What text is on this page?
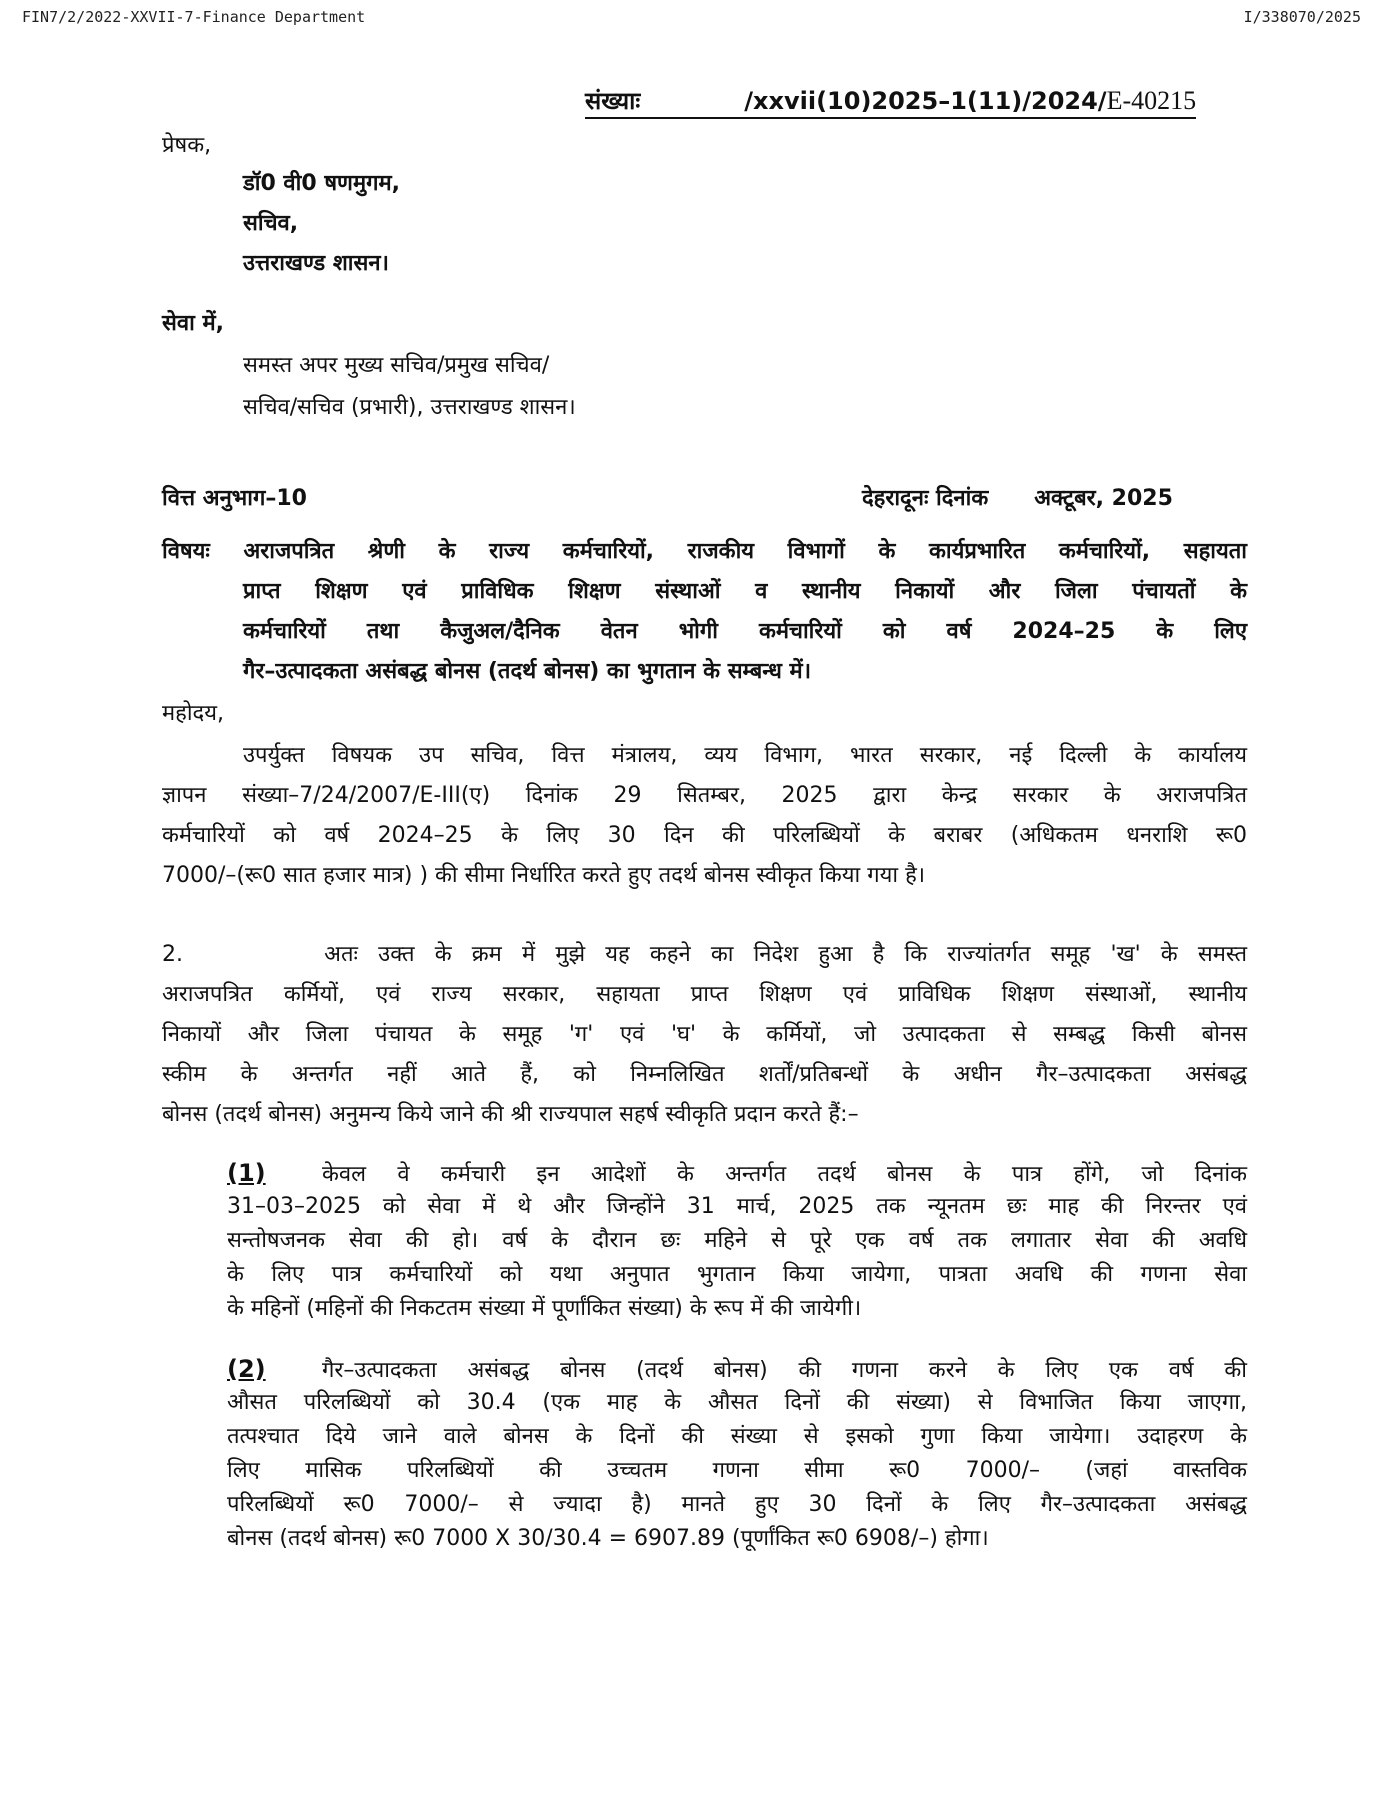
FIN7/2/2022-XXVII-7-Finance Department	I/338070/2025
संख्याः	/xxvii(10)2025–1(11)/2024/E-40215
प्रेषक,
डॉ0 वी0 षणमुगम,
सचिव,
उत्तराखण्ड शासन।
सेवा में,
समस्त अपर मुख्य सचिव/प्रमुख सचिव/
सचिव/सचिव (प्रभारी), उत्तराखण्ड शासन।
वित्त अनुभाग–10	देहरादूनः दिनांक      अक्टूबर, 2025
विषयः अराजपत्रित श्रेणी के राज्य कर्मचारियों, राजकीय विभागों के कार्यप्रभारित कर्मचारियों, सहायता
प्राप्त शिक्षण एवं प्राविधिक शिक्षण संस्थाओं व स्थानीय निकायों और जिला पंचायतों के
कर्मचारियों तथा कैजुअल/दैनिक वेतन भोगी कर्मचारियों को वर्ष 2024–25 के लिए
गैर–उत्पादकता असंबद्ध बोनस (तदर्थ बोनस) का भुगतान के सम्बन्ध में।
महोदय,
उपर्युक्त विषयक उप सचिव, वित्त मंत्रालय, व्यय विभाग, भारत सरकार, नई दिल्ली के कार्यालय
ज्ञापन संख्या–7/24/2007/E-III(ए) दिनांक 29 सितम्बर, 2025 द्वारा केन्द्र सरकार के अराजपत्रित
कर्मचारियों को वर्ष 2024–25 के लिए 30 दिन की परिलब्धियों के बराबर (अधिकतम धनराशि रू0
7000/–(रू0 सात हजार मात्र) ) की सीमा निर्धारित करते हुए तदर्थ बोनस स्वीकृत किया गया है।
2.       अतः उक्त के क्रम में मुझे यह कहने का निदेश हुआ है कि राज्यांतर्गत समूह 'ख' के समस्त
अराजपत्रित कर्मियों, एवं राज्य सरकार, सहायता प्राप्त शिक्षण एवं प्राविधिक शिक्षण संस्थाओं, स्थानीय
निकायों और जिला पंचायत के समूह 'ग' एवं 'घ' के कर्मियों, जो उत्पादकता से सम्बद्ध किसी बोनस
स्कीम के अन्तर्गत नहीं आते हैं, को निम्नलिखित शर्तों/प्रतिबन्धों के अधीन गैर–उत्पादकता असंबद्ध
बोनस (तदर्थ बोनस) अनुमन्य किये जाने की श्री राज्यपाल सहर्ष स्वीकृति प्रदान करते हैं:–
(1)	केवल वे कर्मचारी इन आदेशों के अन्तर्गत तदर्थ बोनस के पात्र होंगे, जो दिनांक
31–03–2025 को सेवा में थे और जिन्होंने 31 मार्च, 2025 तक न्यूनतम छः माह की निरन्तर एवं
सन्तोषजनक सेवा की हो। वर्ष के दौरान छः महिने से पूरे एक वर्ष तक लगातार सेवा की अवधि
के लिए पात्र कर्मचारियों को यथा अनुपात भुगतान किया जायेगा, पात्रता अवधि की गणना सेवा
के महिनों (महिनों की निकटतम संख्या में पूर्णांकित संख्या) के रूप में की जायेगी।
(2)	गैर–उत्पादकता असंबद्ध बोनस (तदर्थ बोनस) की गणना करने के लिए एक वर्ष की
औसत परिलब्धियों को 30.4 (एक माह के औसत दिनों की संख्या) से विभाजित किया जाएगा,
तत्पश्चात दिये जाने वाले बोनस के दिनों की संख्या से इसको गुणा किया जायेगा। उदाहरण के
लिए मासिक परिलब्धियों की उच्चतम गणना सीमा रू0 7000/– (जहां वास्तविक
परिलब्धियों रू0 7000/– से ज्यादा है) मानते हुए 30 दिनों के लिए गैर–उत्पादकता असंबद्ध
बोनस (तदर्थ बोनस) रू0 7000 X 30/30.4 = 6907.89 (पूर्णांकित रू0 6908/–) होगा।
